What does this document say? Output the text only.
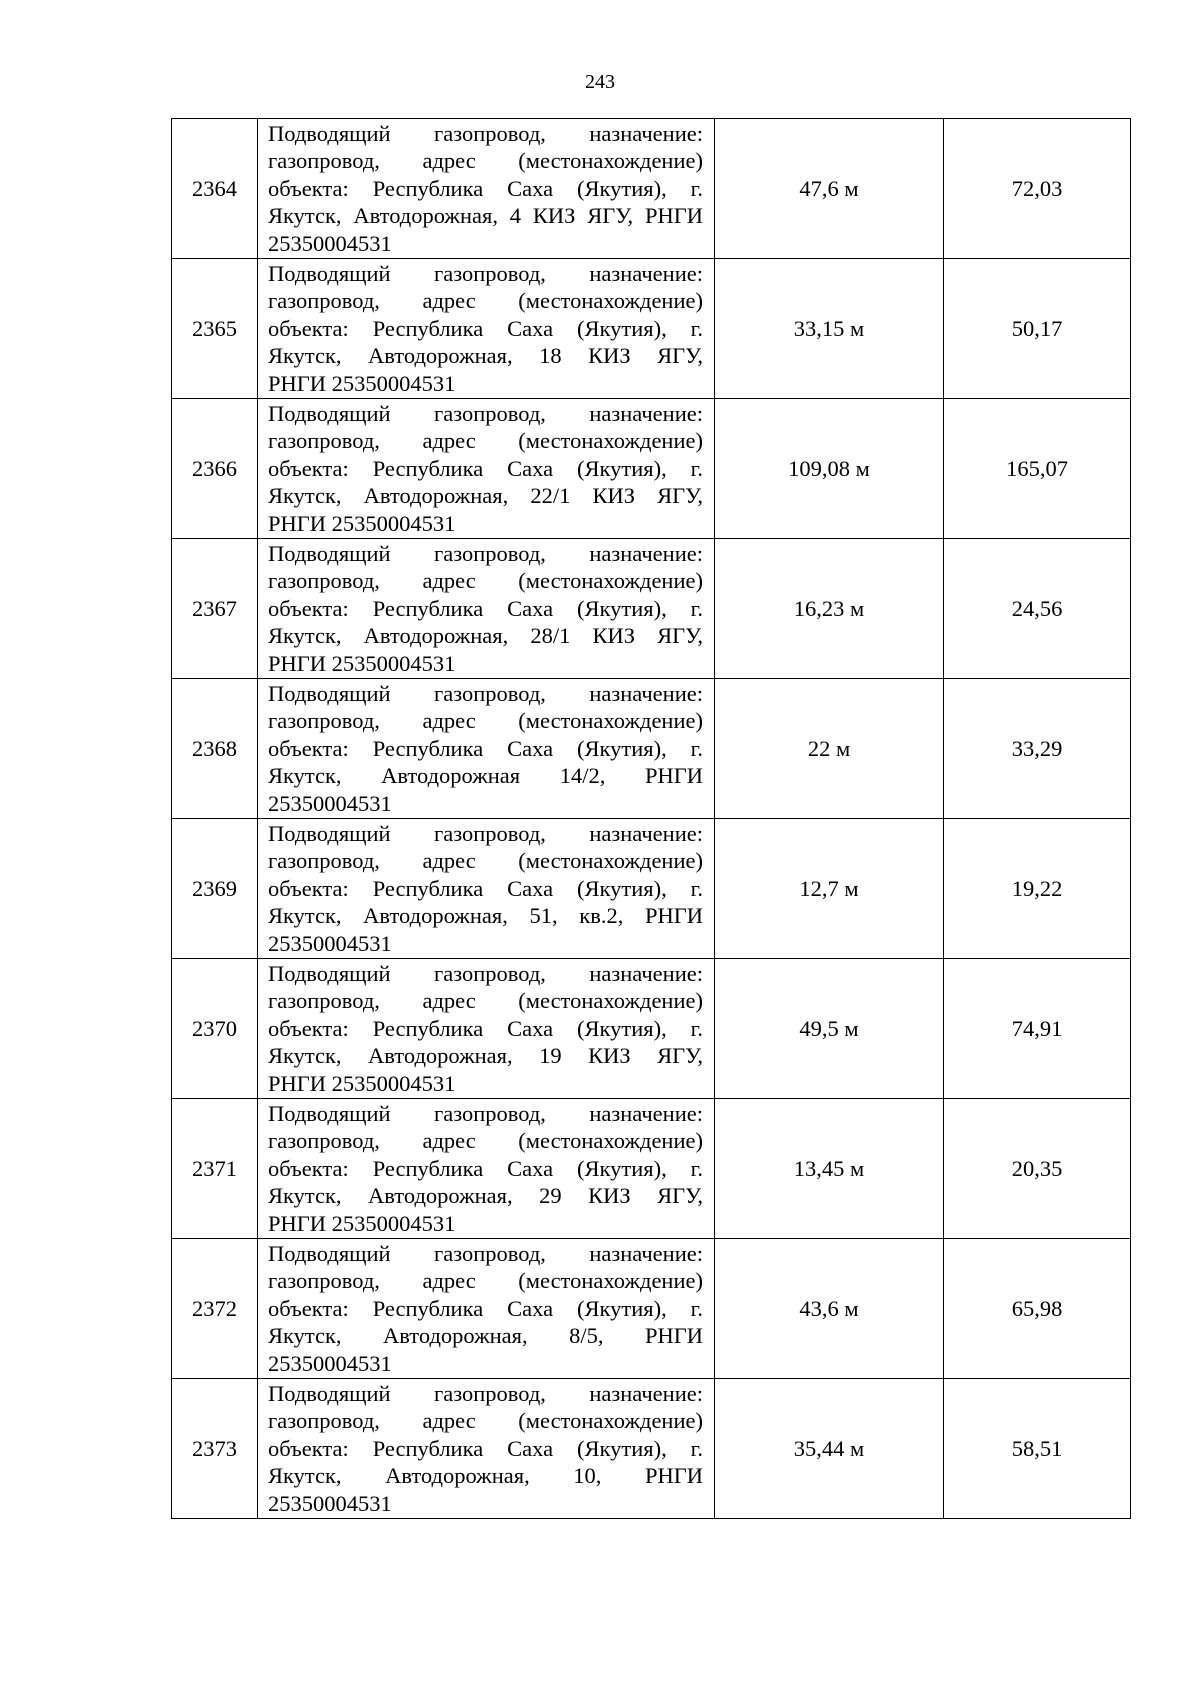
243
2364	Подводящий газопровод, назначение:
газопровод, адрес (местонахождение)
объекта: Республика Саха (Якутия), г.
Якутск, Автодорожная, 4 КИЗ ЯГУ, РНГИ
25350004531	47,6 м	72,03
2365	Подводящий газопровод, назначение:
газопровод, адрес (местонахождение)
объекта: Республика Саха (Якутия), г.
Якутск, Автодорожная, 18 КИЗ ЯГУ,
РНГИ 25350004531	33,15 м	50,17
2366	Подводящий газопровод, назначение:
газопровод, адрес (местонахождение)
объекта: Республика Саха (Якутия), г.
Якутск, Автодорожная, 22/1 КИЗ ЯГУ,
РНГИ 25350004531	109,08 м	165,07
2367	Подводящий газопровод, назначение:
газопровод, адрес (местонахождение)
объекта: Республика Саха (Якутия), г.
Якутск, Автодорожная, 28/1 КИЗ ЯГУ,
РНГИ 25350004531	16,23 м	24,56
2368	Подводящий газопровод, назначение:
газопровод, адрес (местонахождение)
объекта: Республика Саха (Якутия), г.
Якутск, Автодорожная 14/2, РНГИ
25350004531	22 м	33,29
2369	Подводящий газопровод, назначение:
газопровод, адрес (местонахождение)
объекта: Республика Саха (Якутия), г.
Якутск, Автодорожная, 51, кв.2, РНГИ
25350004531	12,7 м	19,22
2370	Подводящий газопровод, назначение:
газопровод, адрес (местонахождение)
объекта: Республика Саха (Якутия), г.
Якутск, Автодорожная, 19 КИЗ ЯГУ,
РНГИ 25350004531	49,5 м	74,91
2371	Подводящий газопровод, назначение:
газопровод, адрес (местонахождение)
объекта: Республика Саха (Якутия), г.
Якутск, Автодорожная, 29 КИЗ ЯГУ,
РНГИ 25350004531	13,45 м	20,35
2372	Подводящий газопровод, назначение:
газопровод, адрес (местонахождение)
объекта: Республика Саха (Якутия), г.
Якутск, Автодорожная, 8/5, РНГИ
25350004531	43,6 м	65,98
2373	Подводящий газопровод, назначение:
газопровод, адрес (местонахождение)
объекта: Республика Саха (Якутия), г.
Якутск, Автодорожная, 10, РНГИ
25350004531	35,44 м	58,51
